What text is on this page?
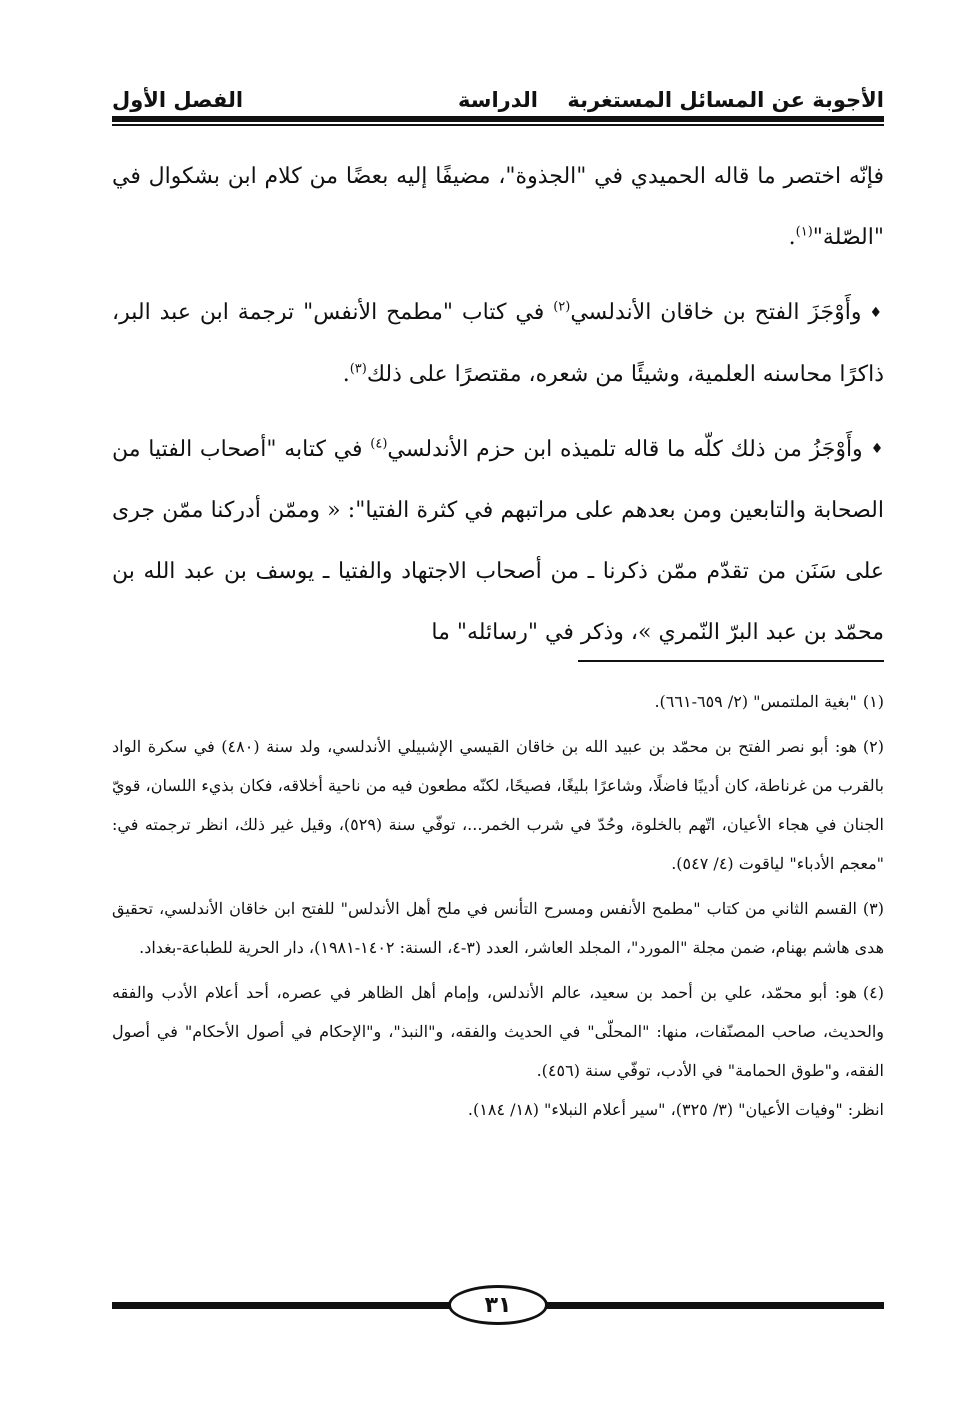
الأجوبة عن المسائل المستغربة
الدراسة
الفصل الأول

فإنّه اختصر ما قاله الحميدي في "الجذوة"، مضيفًا إليه بعضًا من كلام ابن بشكوال في "الصّلة"$^{(١)}$.

♦وأَوْجَزَ الفتح بن خاقان الأندلسي$^{(٢)}$ في كتاب "مطمح الأنفس" ترجمة ابن عبد البر، ذاكرًا محاسنه العلمية، وشيئًا من شعره، مقتصرًا على ذلك$^{(٣)}$.

♦وأَوْجَزُ من ذلك كلّه ما قاله تلميذه ابن حزم الأندلسي$^{(٤)}$ في كتابه "أصحاب الفتيا من الصحابة والتابعين ومن بعدهم على مراتبهم في كثرة الفتيا": « وممّن أدركنا ممّن جرى على سَنَن من تقدّم ممّن ذكرنا ـ من أصحاب الاجتهاد والفتيا ـ يوسف بن عبد الله بن محمّد بن عبد البرّ النّمري »، وذكر في "رسائله" ما

(١)"بغية الملتمس" (٢/ ٦٥٩-٦٦١).

(٢)هو: أبو نصر الفتح بن محمّد بن عبيد الله بن خاقان القيسي الإشبيلي الأندلسي، ولد سنة (٤٨٠) في سكرة الواد بالقرب من غرناطة، كان أديبًا فاضلًا، وشاعرًا بليغًا، فصيحًا، لكنّه مطعون فيه من ناحية أخلاقه، فكان بذيء اللسان، قويّ الجنان في هجاء الأعيان، اتّهم بالخلوة، وحُدّ في شرب الخمر...، توفّي سنة (٥٢٩)، وقيل غير ذلك، انظر ترجمته في: "معجم الأدباء" لياقوت (٤/ ٥٤٧).

(٣)القسم الثاني من كتاب "مطمح الأنفس ومسرح التأنس في ملح أهل الأندلس" للفتح ابن خاقان الأندلسي، تحقيق هدى هاشم بهنام، ضمن مجلة "المورد"، المجلد العاشر، العدد (٣-٤، السنة: ١٤٠٢-١٩٨١)، دار الحرية للطباعة-بغداد.

(٤)هو: أبو محمّد، علي بن أحمد بن سعيد، عالم الأندلس، وإمام أهل الظاهر في عصره، أحد أعلام الأدب والفقه والحديث، صاحب المصنّفات، منها: "المحلّى" في الحديث والفقه، و"النبذ"، و"الإحكام في أصول الأحكام" في أصول الفقه، و"طوق الحمامة" في الأدب، توفّي سنة (٤٥٦).

انظر: "وفيات الأعيان" (٣/ ٣٢٥)، "سير أعلام النبلاء" (١٨/ ١٨٤).

٣١
